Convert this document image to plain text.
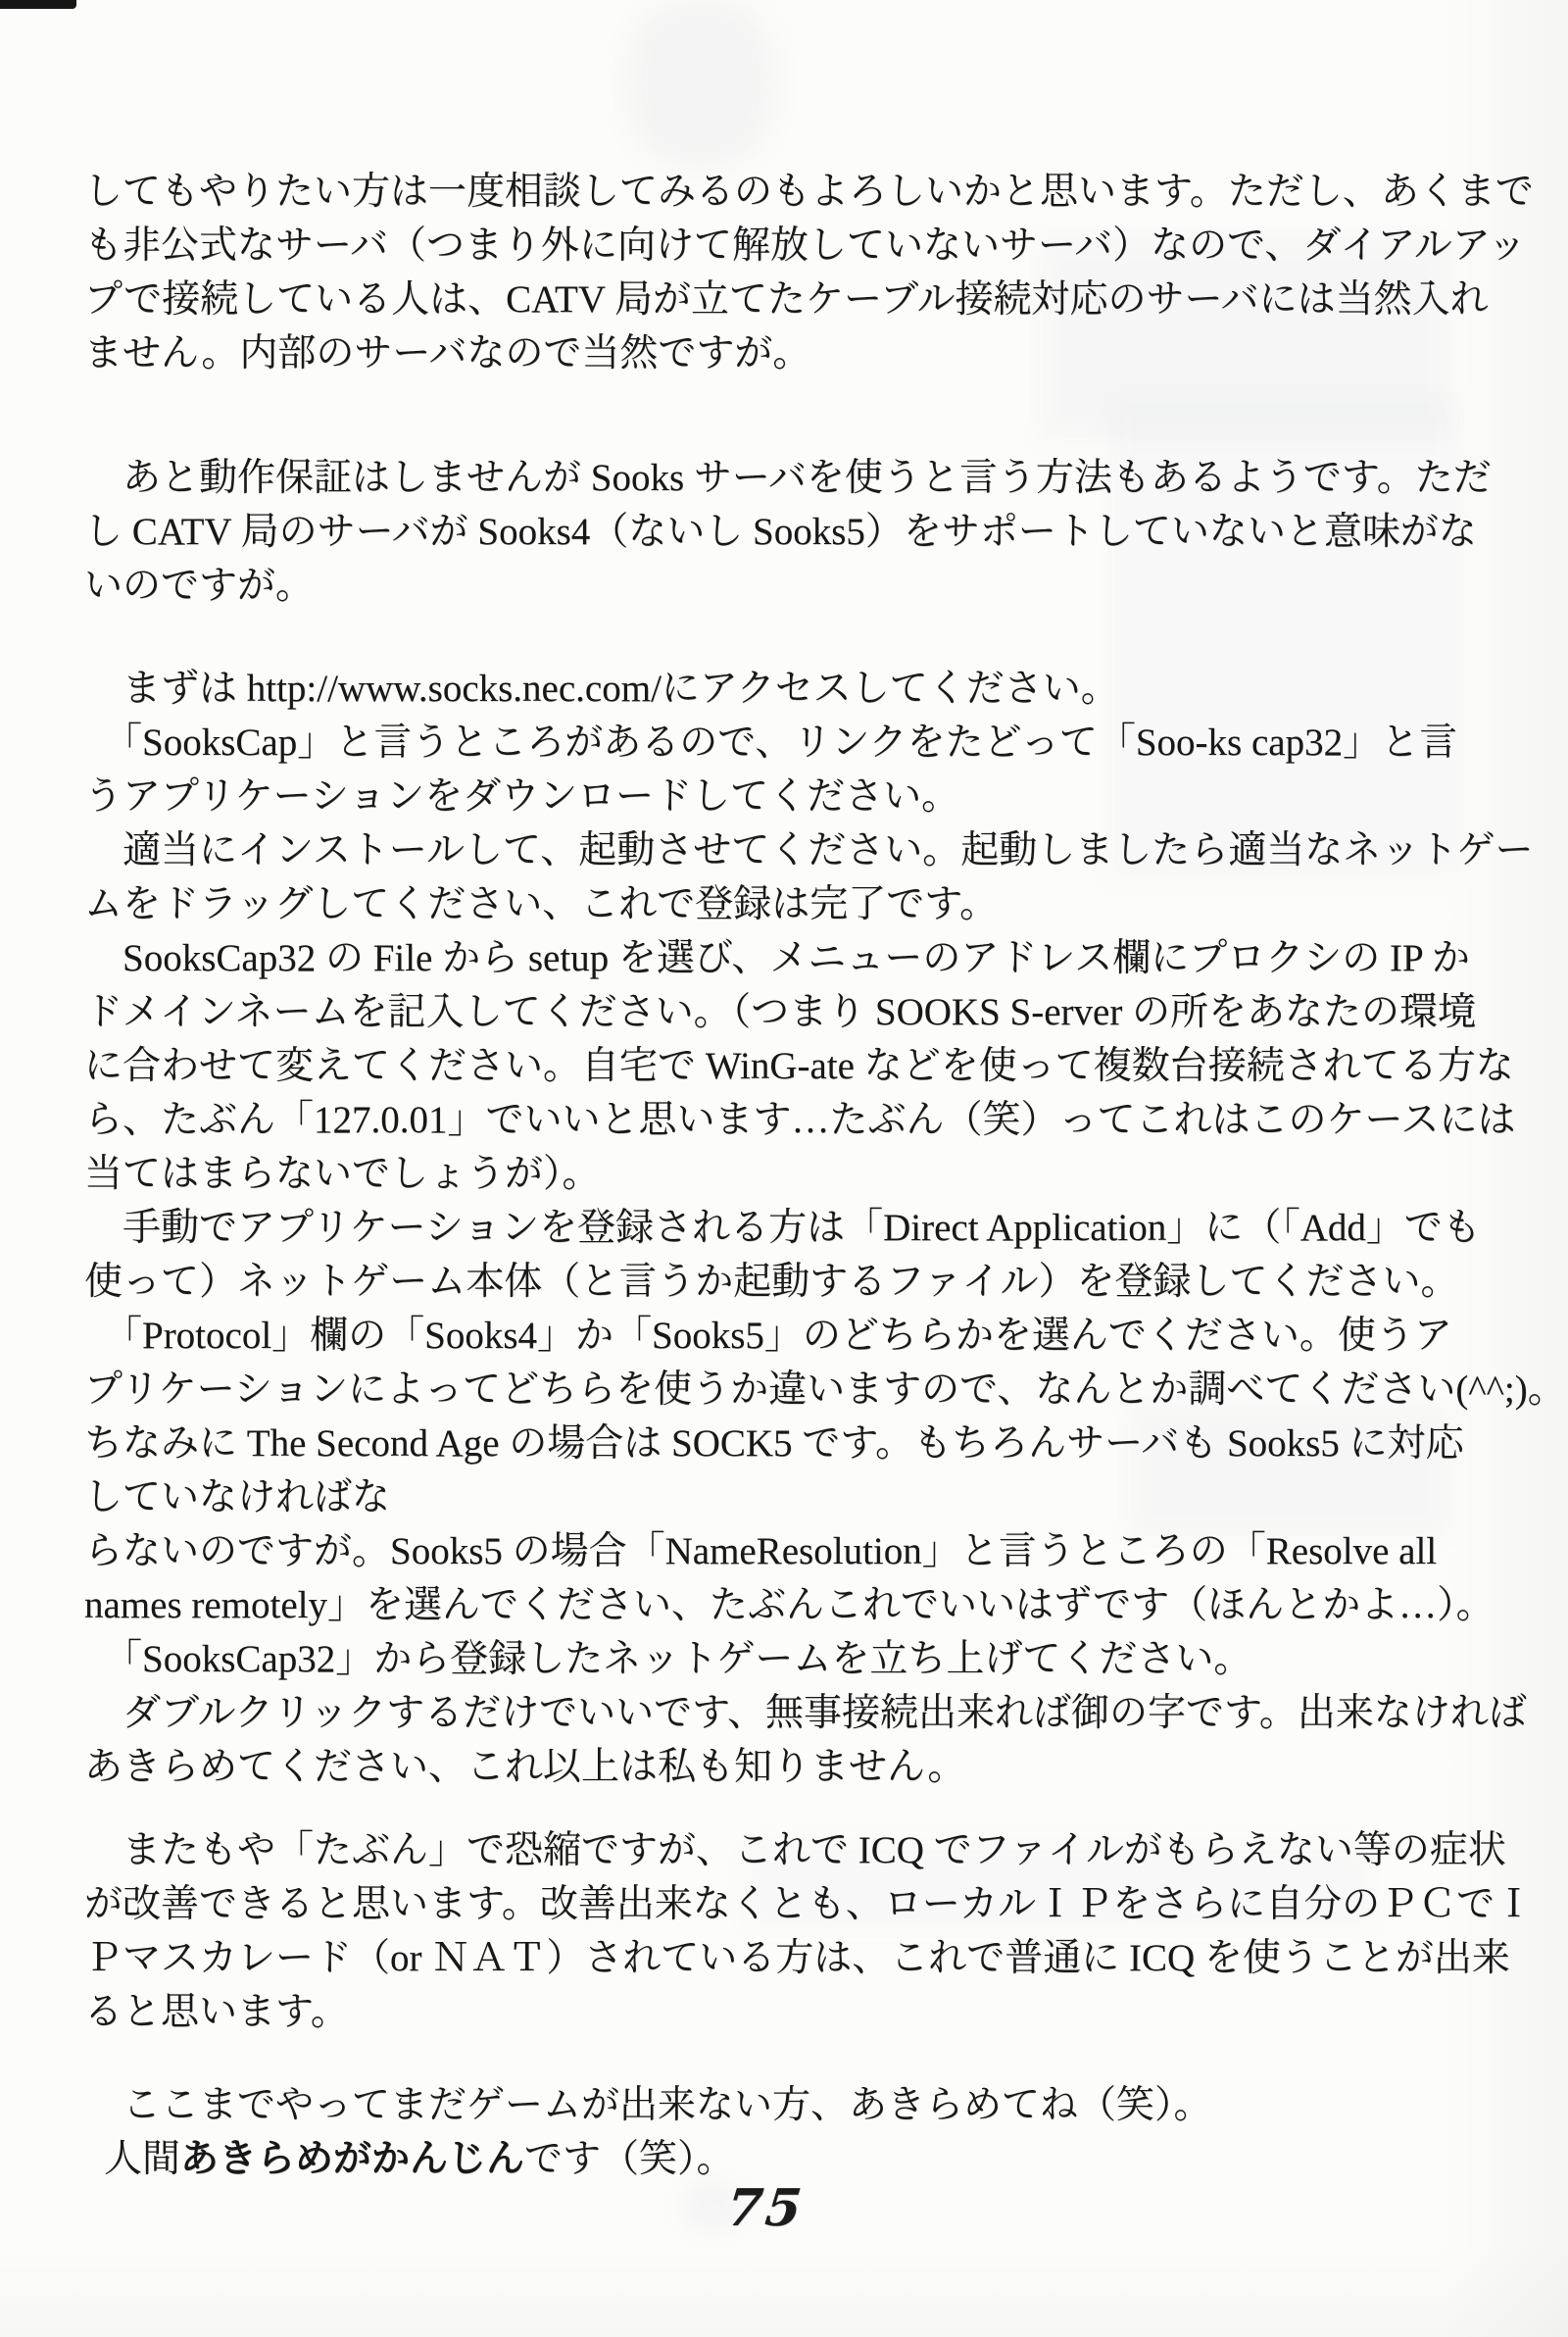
してもやりたい方は一度相談してみるのもよろしいかと思います。ただし、あくまで
も非公式なサーバ（つまり外に向けて解放していないサーバ）なので、ダイアルアッ
プで接続している人は、CATV 局が立てたケーブル接続対応のサーバには当然入れ
ません。内部のサーバなので当然ですが。
あと動作保証はしませんが Sooks サーバを使うと言う方法もあるようです。ただ
し CATV 局のサーバが Sooks4（ないし Sooks5）をサポートしていないと意味がな
いのですが。
まずは http://www.socks.nec.com/にアクセスしてください。
「SooksCap」と言うところがあるので、リンクをたどって「Soo-ks cap32」と言
うアプリケーションをダウンロードしてください。
適当にインストールして、起動させてください。起動しましたら適当なネットゲー
ムをドラッグしてください、これで登録は完了です。
SooksCap32 の File から setup を選び、メニューのアドレス欄にプロクシの IP か
ドメインネームを記入してください。（つまり SOOKS S-erver の所をあなたの環境
に合わせて変えてください。自宅で WinG-ate などを使って複数台接続されてる方な
ら、たぶん「127.0.01」でいいと思います…たぶん（笑）ってこれはこのケースには
当てはまらないでしょうが）。
手動でアプリケーションを登録される方は「Direct Application」に（「Add」でも
使って）ネットゲーム本体（と言うか起動するファイル）を登録してください。
「Protocol」欄の「Sooks4」か「Sooks5」のどちらかを選んでください。使うア
プリケーションによってどちらを使うか違いますので、なんとか調べてください(^^;)。
ちなみに The Second Age の場合は SOCK5 です。もちろんサーバも Sooks5 に対応
していなければな
らないのですが。Sooks5 の場合「NameResolution」と言うところの「Resolve all
names remotely」を選んでください、たぶんこれでいいはずです（ほんとかよ…）。
「SooksCap32」から登録したネットゲームを立ち上げてください。
ダブルクリックするだけでいいです、無事接続出来れば御の字です。出来なければ
あきらめてください、これ以上は私も知りません。
またもや「たぶん」で恐縮ですが、これで ICQ でファイルがもらえない等の症状
が改善できると思います。改善出来なくとも、ローカルＩＰをさらに自分のＰＣでＩ
Ｐマスカレード（or ＮＡＴ）されている方は、これで普通に ICQ を使うことが出来
ると思います。
ここまでやってまだゲームが出来ない方、あきらめてね（笑）。
人間あきらめがかんじんです（笑）。
75
